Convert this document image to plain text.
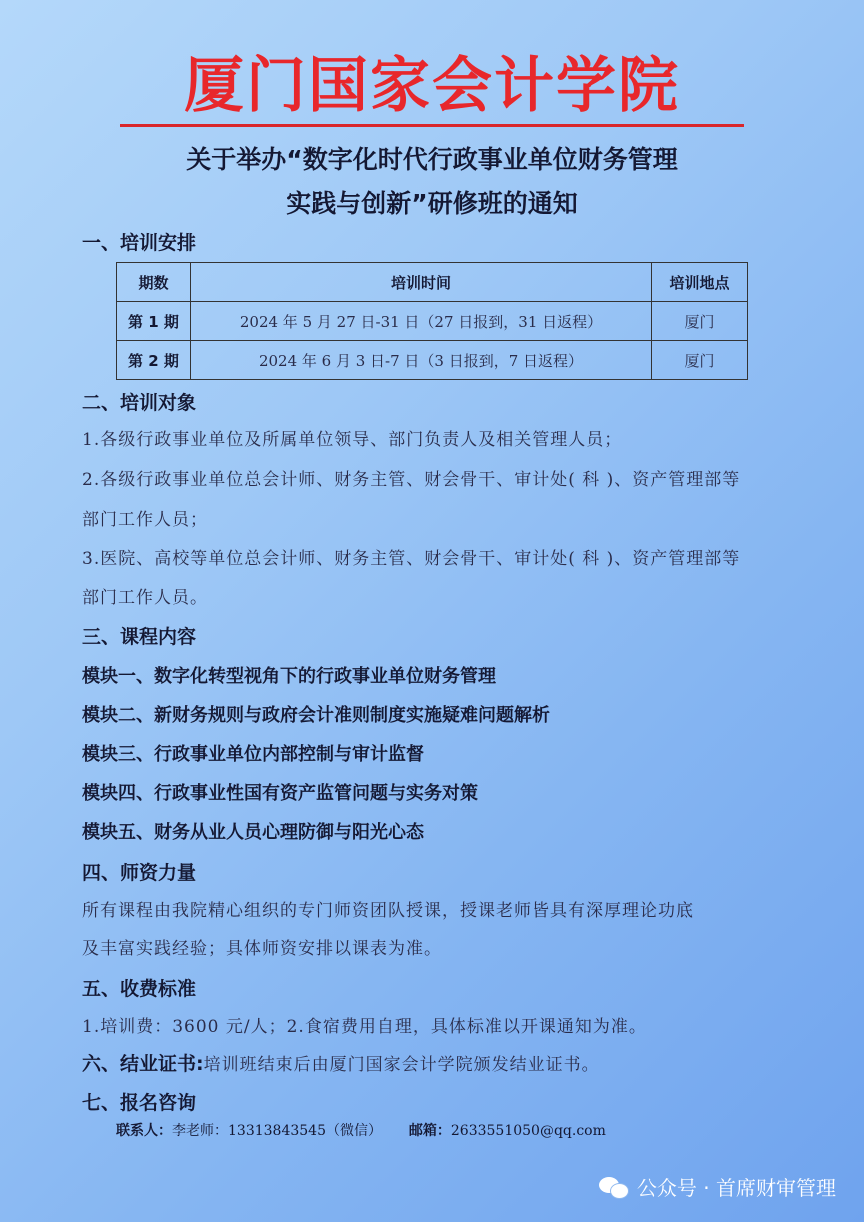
厦门国家会计学院
关于举办“数字化时代行政事业单位财务管理
实践与创新”研修班的通知
一、培训安排
期数	培训时间	培训地点
第 1 期	2024 年 5 月 27 日-31 日（27 日报到，31 日返程）	厦门
第 2 期	2024 年 6 月 3 日-7 日（3 日报到，7 日返程）	厦门
二、培训对象
1.各级行政事业单位及所属单位领导、部门负责人及相关管理人员；
2.各级行政事业单位总会计师、财务主管、财会骨干、审计处( 科 )、资产管理部等
部门工作人员；
3.医院、高校等单位总会计师、财务主管、财会骨干、审计处( 科 )、资产管理部等
部门工作人员。
三、课程内容
模块一、数字化转型视角下的行政事业单位财务管理
模块二、新财务规则与政府会计准则制度实施疑难问题解析
模块三、行政事业单位内部控制与审计监督
模块四、行政事业性国有资产监管问题与实务对策
模块五、财务从业人员心理防御与阳光心态
四、师资力量
所有课程由我院精心组织的专门师资团队授课，授课老师皆具有深厚理论功底
及丰富实践经验；具体师资安排以课表为准。
五、收费标准
1.培训费：3600 元/人；2.食宿费用自理，具体标准以开课通知为准。
六、结业证书: 培训班结束后由厦门国家会计学院颁发结业证书。
七、报名咨询
联系人：李老师：13313843545（微信） 邮箱：2633551050@qq.com
公众号 · 首席财审管理
